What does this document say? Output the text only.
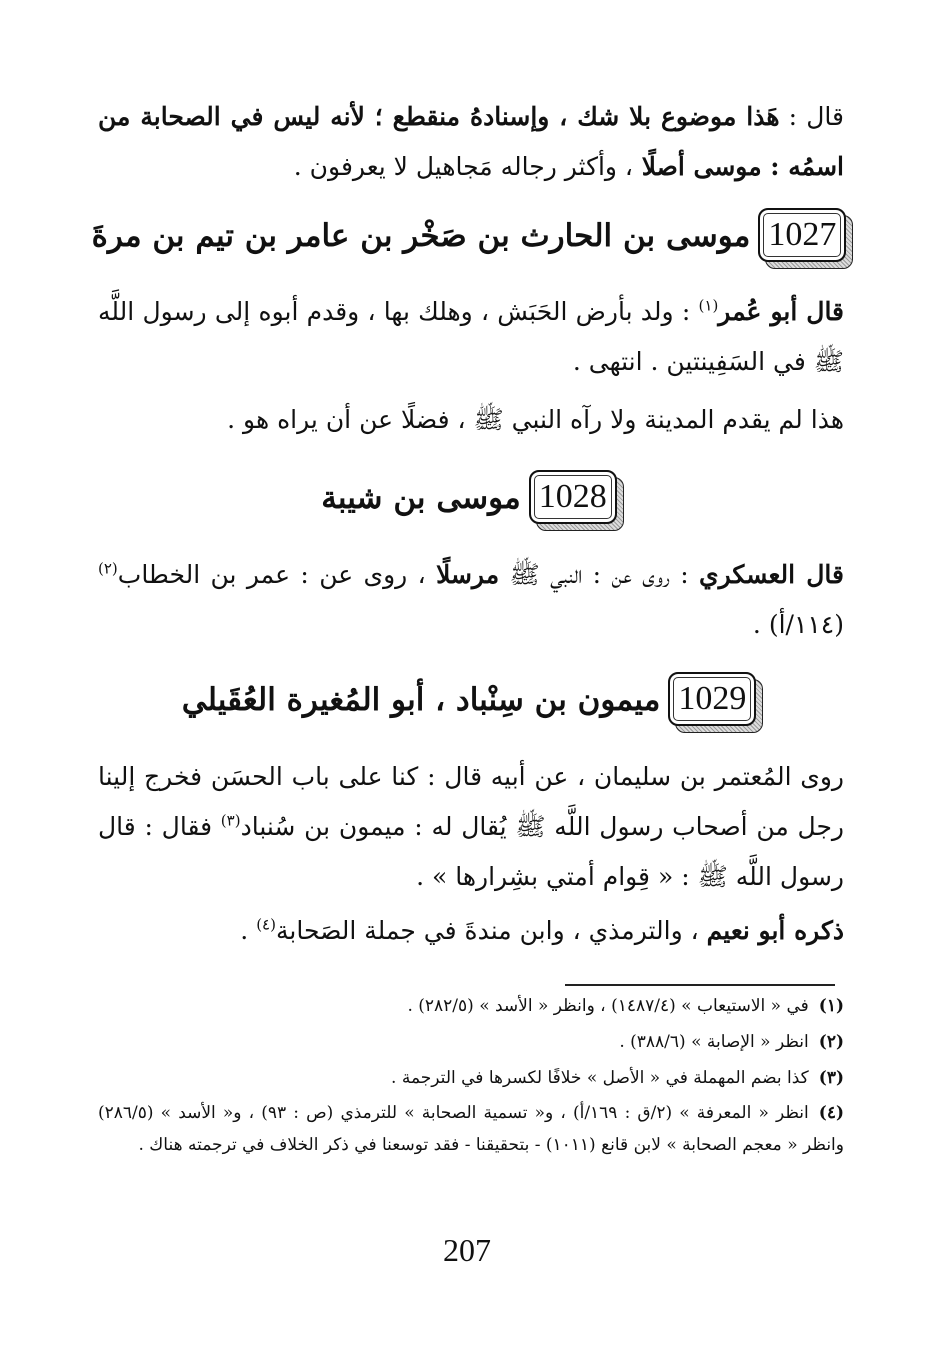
قال : هَذا موضوع بلا شك ، وإسنادهُ منقطع ؛ لأنه ليس في الصحابة من اسمُه : موسى أصلًا ، وأكثر رجاله مَجاهيل لا يعرفون .
1027
موسى بن الحارث بن صَخْر بن عامر بن تيم بن مرةَ
قال أبو عُمر$^{(١)}$ : ولد بأرض الحَبَش ، وهلك بها ، وقدم أبوه إلى رسول اللَّه ﷺ في السَفِينتين . انتهى .
هذا لم يقدم المدينة ولا رآه النبي ﷺ ، فضلًا عن أن يراه هو .
1028
موسى بن شيبة
قال العسكري : روى عن : النبي ﷺ مرسلًا ، روى عن : عمر بن الخطاب$^{(٢)}$ (١١٤/أ) .
1029
ميمون بن سِنْباد ، أبو المُغيرة العُقَيلي
روى المُعتمر بن سليمان ، عن أبيه قال : كنا على باب الحسَن فخرج إلينا رجل من أصحاب رسول اللَّه ﷺ يُقال له : ميمون بن سُنباد$^{(٣)}$ فقال : قال رسول اللَّه ﷺ : « قِوام أمتي بشِرارها » .
ذكره أبو نعيم ، والترمذي ، وابن مندةَ في جملة الصَحابة$^{(٤)}$ .
(١)في « الاستيعاب » (١٤٨٧/٤) ، وانظر « الأسد » (٢٨٢/٥) .
(٢)انظر « الإصابة » (٣٨٨/٦) .
(٣)كذا بضم المهملة في « الأصل » خلافًا لكسرها في الترجمة .
(٤)انظر « المعرفة » (٢/ق : ١٦٩/أ) ، و« تسمية الصحابة » للترمذي (ص : ٩٣) ، و« الأسد » (٢٨٦/٥) وانظر « معجم الصحابة » لابن قانع (١٠١١) - بتحقيقنا - فقد توسعنا في ذكر الخلاف في ترجمته هناك .
207
